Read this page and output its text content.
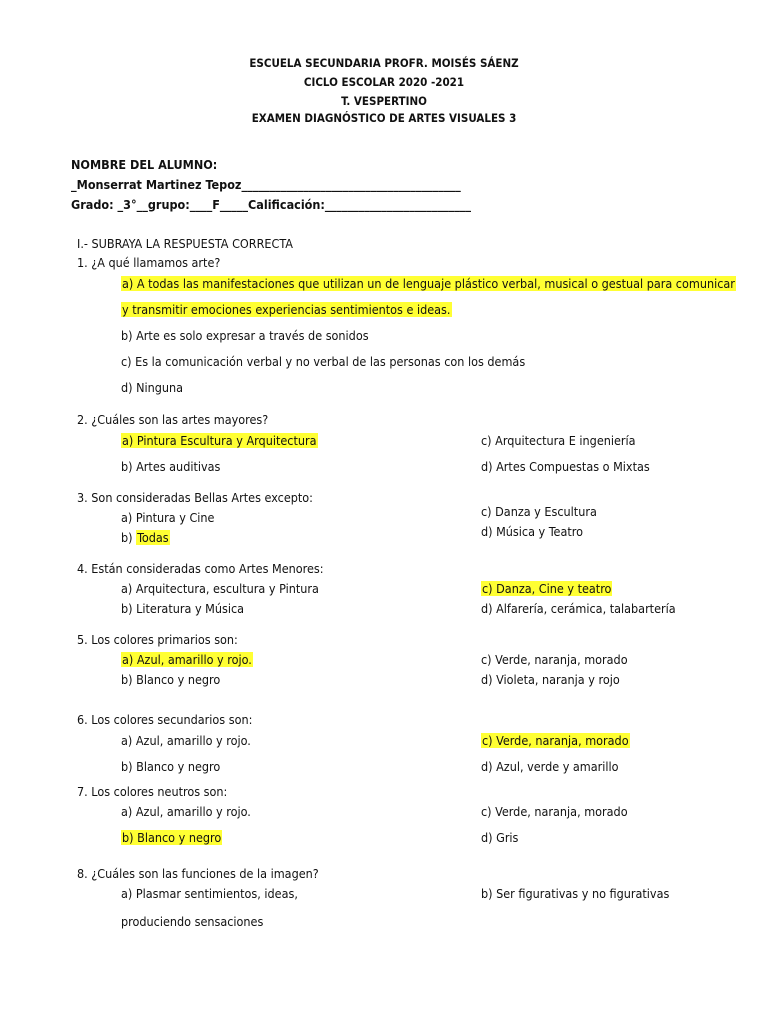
ESCUELA SECUNDARIA PROFR. MOISÉS SÁENZ
CICLO ESCOLAR 2020 -2021
T. VESPERTINO
EXAMEN DIAGNÓSTICO DE ARTES VISUALES 3
NOMBRE DEL ALUMNO:
_Monserrat Martinez Tepoz_______________________________________
Grado: _3°__grupo:____F_____Calificación:__________________________
I.- SUBRAYA LA RESPUESTA CORRECTA
1. ¿A qué llamamos arte?
a) A todas las manifestaciones que utilizan un de lenguaje plástico verbal, musical o gestual para comunicar
y transmitir emociones experiencias sentimientos e ideas.
b) Arte es solo expresar a través de sonidos
c) Es la comunicación verbal y no verbal de las personas con los demás
d) Ninguna
2. ¿Cuáles son las artes mayores?
a) Pintura Escultura y Arquitectura
b) Artes auditivas
c) Arquitectura E ingeniería
d) Artes Compuestas o Mixtas
3. Son consideradas Bellas Artes excepto:
a) Pintura y Cine
b) Todas
c) Danza y Escultura
d) Música y Teatro
4. Están consideradas como Artes Menores:
a) Arquitectura, escultura y Pintura
b) Literatura y Música
c) Danza, Cine y teatro
d) Alfarería, cerámica, talabartería
5. Los colores primarios son:
a) Azul, amarillo y rojo.
b) Blanco y negro
c) Verde, naranja, morado
d) Violeta, naranja y rojo
6. Los colores secundarios son:
a) Azul, amarillo y rojo.
b) Blanco y negro
c) Verde, naranja, morado
d) Azul, verde y amarillo
7. Los colores neutros son:
a) Azul, amarillo y rojo.
b) Blanco y negro
c) Verde, naranja, morado
d) Gris
8. ¿Cuáles son las funciones de la imagen?
a) Plasmar sentimientos, ideas,
produciendo sensaciones
b) Ser figurativas y no figurativas
